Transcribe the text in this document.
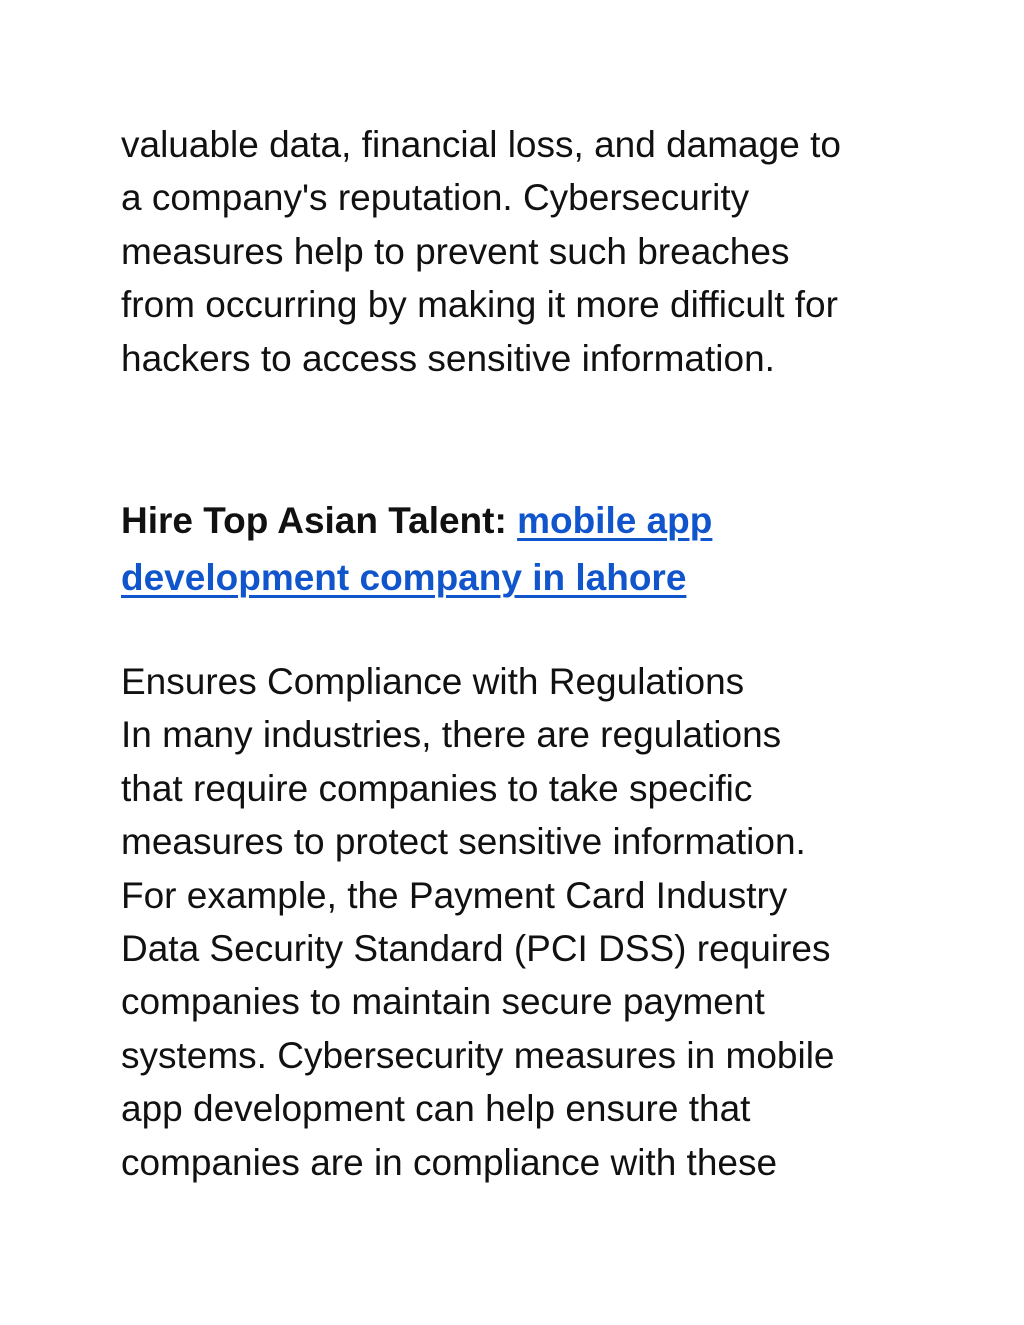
valuable data, financial loss, and damage to
a company's reputation. Cybersecurity
measures help to prevent such breaches
from occurring by making it more difficult for
hackers to access sensitive information.

Hire Top Asian Talent: mobile app
development company in lahore

Ensures Compliance with Regulations
In many industries, there are regulations
that require companies to take specific
measures to protect sensitive information.
For example, the Payment Card Industry
Data Security Standard (PCI DSS) requires
companies to maintain secure payment
systems. Cybersecurity measures in mobile
app development can help ensure that
companies are in compliance with these
